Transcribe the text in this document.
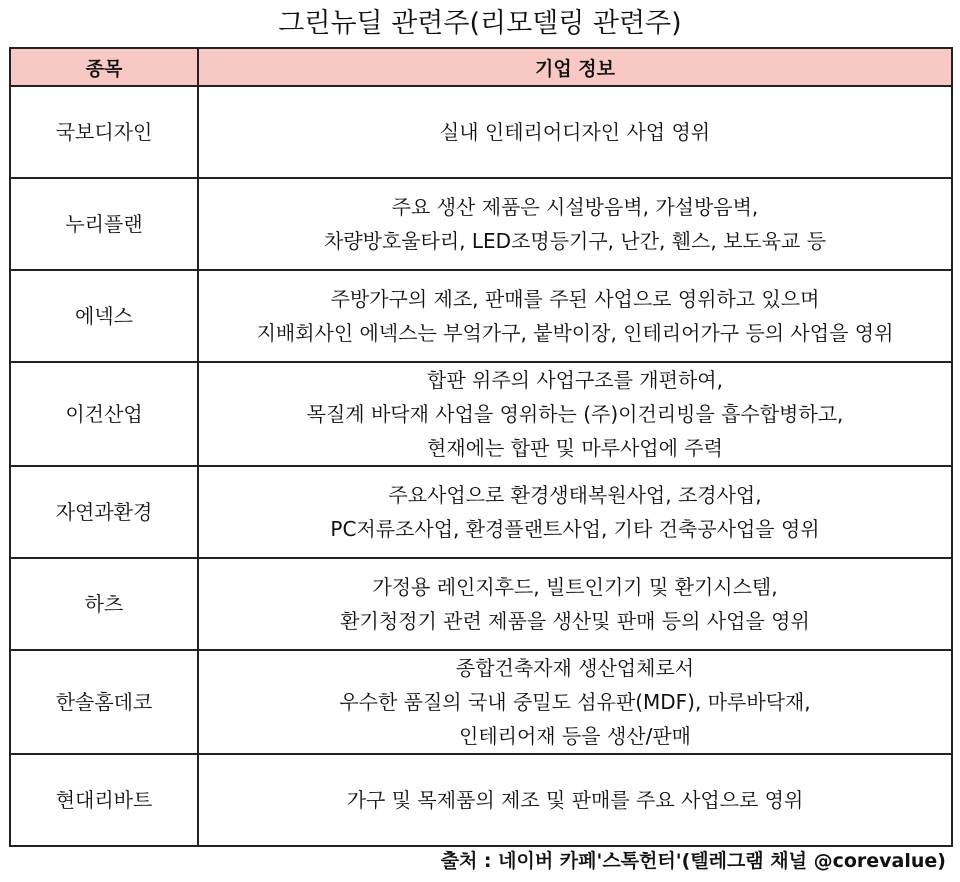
그린뉴딜 관련주(리모델링 관련주)
종목	기업 정보
국보디자인	실내 인테리어디자인 사업 영위

누리플랜	주요 생산 제품은 시설방음벽, 가설방음벽,
차량방호울타리, LED조명등기구, 난간, 휀스, 보도육교 등

에넥스	주방가구의 제조, 판매를 주된 사업으로 영위하고 있으며
지배회사인 에넥스는 부엌가구, 붙박이장, 인테리어가구 등의 사업을 영위

이건산업	합판 위주의 사업구조를 개편하여,
목질계 바닥재 사업을 영위하는 (주)이건리빙을 흡수합병하고,
현재에는 합판 및 마루사업에 주력

자연과환경	주요사업으로 환경생태복원사업, 조경사업,
PC저류조사업, 환경플랜트사업, 기타 건축공사업을 영위

하츠	가정용 레인지후드, 빌트인기기 및 환기시스템,
환기청정기 관련 제품을 생산및 판매 등의 사업을 영위

한솔홈데코	종합건축자재 생산업체로서
우수한 품질의 국내 중밀도 섬유판(MDF), 마루바닥재,
인테리어재 등을 생산/판매

현대리바트	가구 및 목제품의 제조 및 판매를 주요 사업으로 영위
출처 : 네이버 카페'스톡헌터'(텔레그램 채널 @corevalue)
